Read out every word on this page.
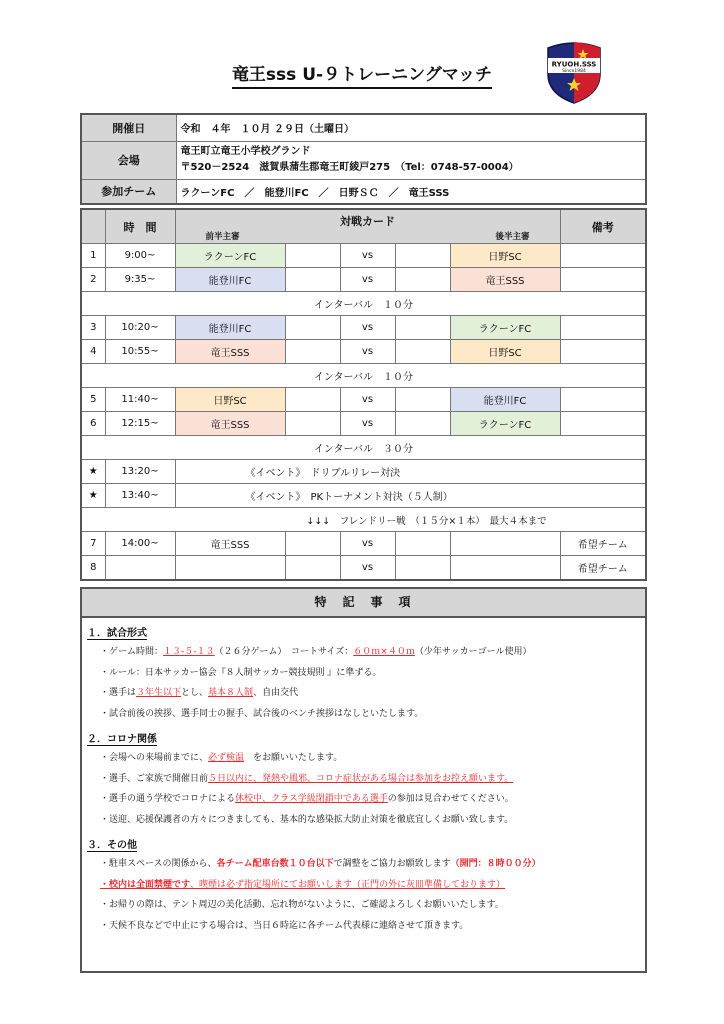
竜王sss U-９トレーニングマッチ
RYUOH.SSS
Since1984
開催日	令和　４年　１０月 ２９日（土曜日）
会場	竜王町立竜王小学校グランド
〒520－2524　滋賀県蒲生郡竜王町綾戸275　（Tel：0748-57-0004）

参加チーム	ラクーンFC　／　能登川FC　／　日野ＳＣ　／　竜王SSS
	時　間	対戦カード
前半主審 後半主審					備考
1	9:00~	ラクーンFC		vs		日野SC	
2	9:35~	能登川FC		vs		竜王SSS	
インターバル　１０分							
3	10:20~	能登川FC		vs		ラクーンFC	
4	10:55~	竜王SSS		vs		日野SC	
インターバル　１０分							
5	11:40~	日野SC		vs		能登川FC	
6	12:15~	竜王SSS		vs		ラクーンFC	
インターバル　３０分							
★	13:20~	《イベント》　ドリブルリレー対決					
★	13:40~	《イベント》　PKトーナメント対決（５人制）					
↓↓↓　フレンドリー戦　（１５分×１本）　最大４本まで							
7	14:00~	竜王SSS		vs			希望チーム
8				vs			希望チーム
特　記　事　項
１．試合形式
・ゲーム時間：１３-５-１３（２６分ゲーム）　コートサイズ：６０ｍ×４０ｍ（少年サッカーゴール使用）
・ルール：日本サッカー協会『８人制サッカー競技規則 』に準ずる。
・選手は３年生以下とし、基本８人制、自由交代
・試合前後の挨拶、選手同士の握手、試合後のベンチ挨拶はなしといたします。
２．コロナ関係
・会場への来場前までに、必ず検温　 をお願いいたします。
・選手、ご家族で開催日前５日以内に、発熱や風邪、コロナ症状がある場合は参加をお控え願います。
・選手の通う学校でコロナによる休校中、クラス学級閉鎖中である選手の参加は見合わせてください。
・送迎、応援保護者の方々につきましても、基本的な感染拡大防止対策を徹底宜しくお願い致します。
３．その他
・駐車スペースの関係から、各チーム配車台数１０台以下で調整をご協力お願致します（開門：８時００分）
・校内は全面禁煙です、喫煙は必ず指定場所にてお願いします（正門の外に灰皿準備しております）
・お帰りの際は、テント周辺の美化活動、忘れ物がないように、ご確認よろしくお願いいたします。
・天候不良などで中止にする場合は、当日６時迄に各チーム代表様に連絡させて頂きます。
